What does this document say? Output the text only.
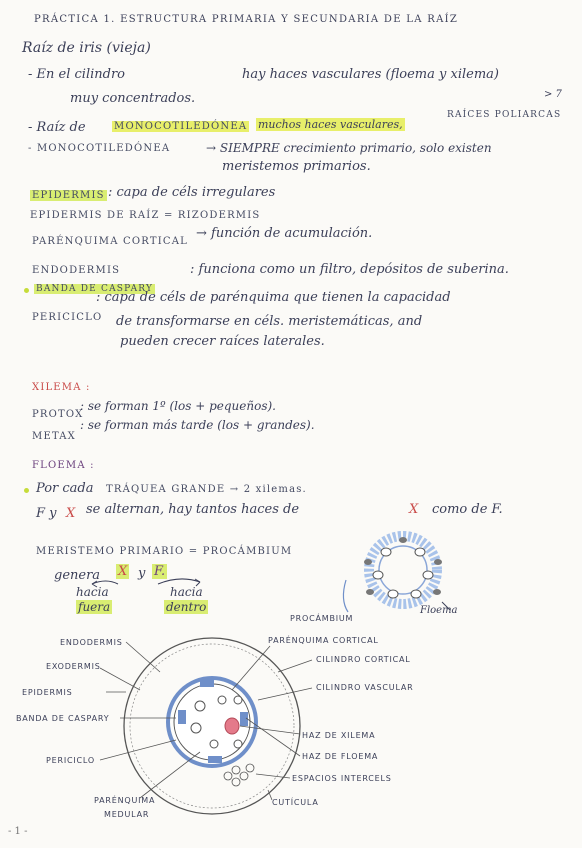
PRÁCTICA 1. ESTRUCTURA PRIMARIA Y SECUNDARIA DE LA RAÍZ
Raíz de iris (vieja)
- En el cilindro	hay haces vasculares (floema y xilema)
muy concentrados.	> 7
- Raíz de	MONOCOTILEDÓNEA muchos haces vasculares,
RAÍCES POLIARCAS
- MONOCOTILEDÓNEA	→ SIEMPRE crecimiento primario, solo existen
meristemos primarios.
EPIDERMIS : capa de céls irregulares
EPIDERMIS DE RAÍZ = RIZODERMIS
PARÉNQUIMA CORTICAL
→ función de acumulación.
ENDODERMIS
BANDA DE CASPARY
: funciona como un filtro, depósitos de suberina.
PERICICLO
: capa de céls de parénquima que tienen la capacidad
de transformarse en céls. meristemáticas, and
pueden crecer raíces laterales.
XILEMA :
PROTOX
: se forman 1º (los + pequeños).
METAX
: se forman más tarde (los + grandes).
FLOEMA :
Por cada TRÁQUEA GRANDE → 2 xilemas.
F y X se alternan, hay tantos haces de	X como de F.
MERISTEMO PRIMARIO = PROCÁMBIUM
genera X y F.
hacia
fuera
hacia
dentro
PROCÁMBIUM
Floema
ENDODERMIS
EXODERMIS
EPIDERMIS
BANDA DE CASPARY
PERICICLO
PARÉNQUIMA
MEDULAR
PARÉNQUIMA CORTICAL
CILINDRO CORTICAL
CILINDRO VASCULAR
HAZ DE XILEMA
HAZ DE FLOEMA
ESPACIOS INTERCELS
CUTÍCULA
- 1 -
